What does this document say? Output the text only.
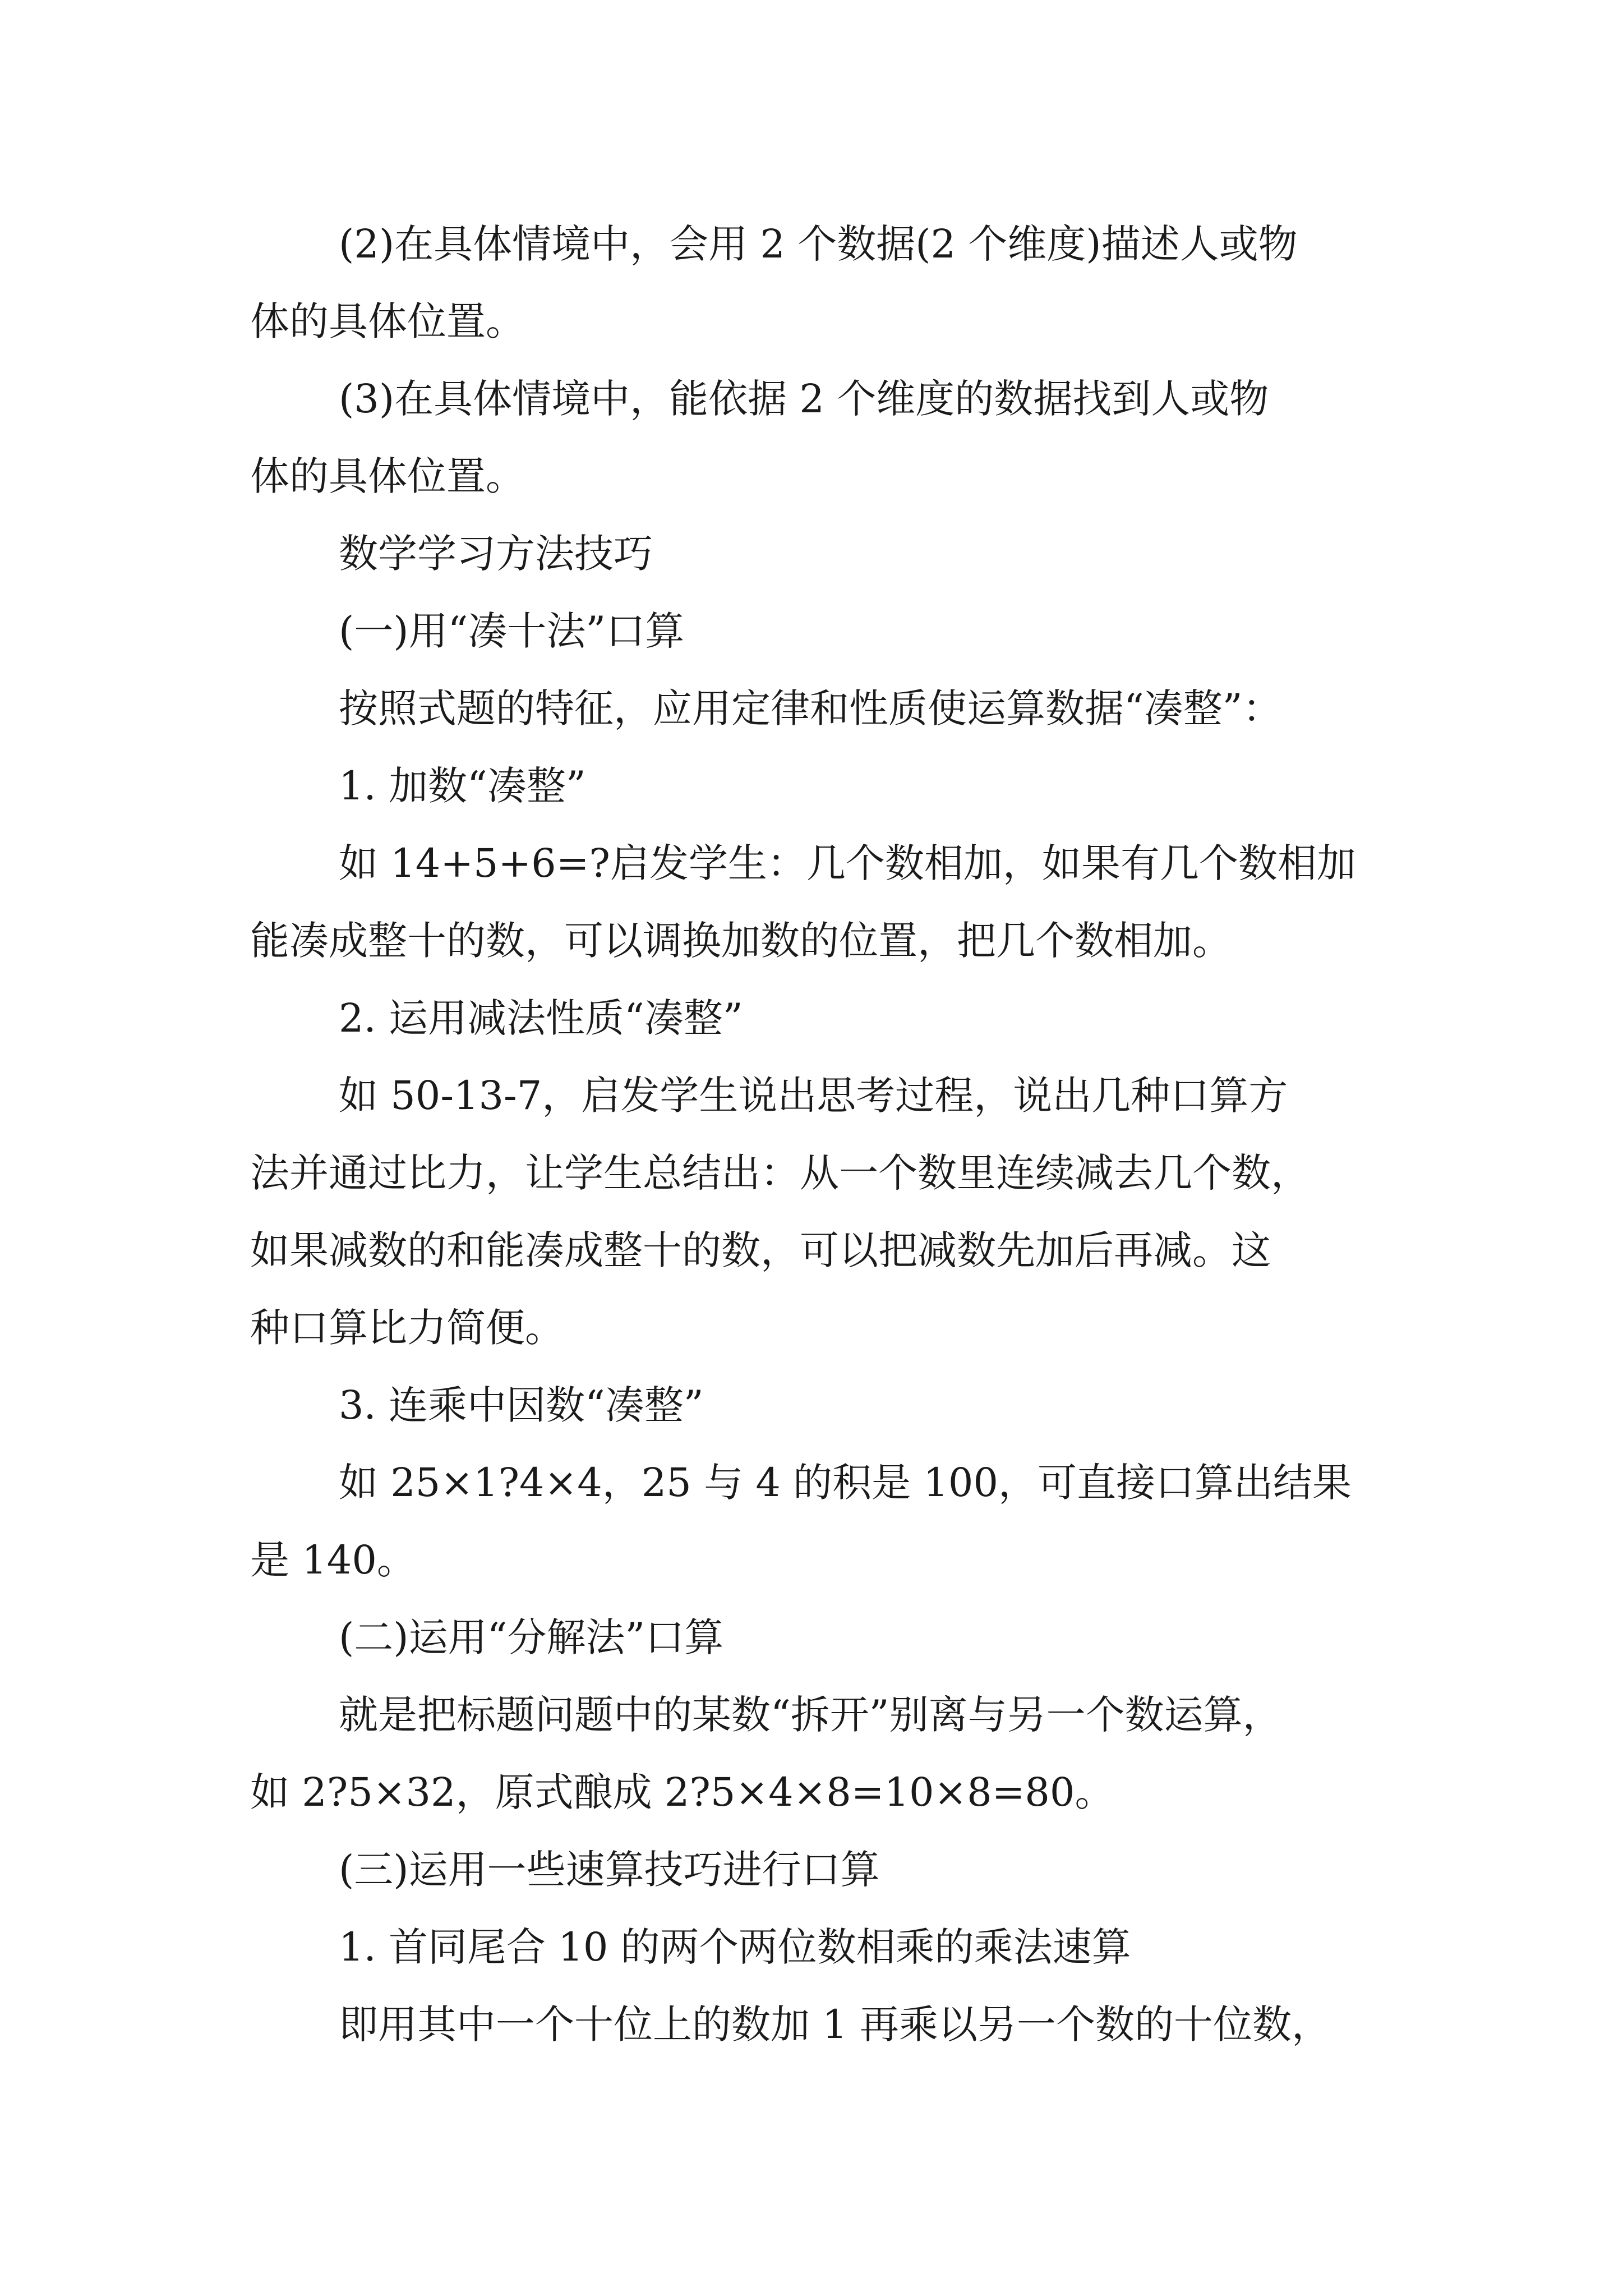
(2)在具体情境中，会用 2 个数据(2 个维度)描述人或物
体的具体位置。
(3)在具体情境中，能依据 2 个维度的数据找到人或物
体的具体位置。
数学学习方法技巧
(一)用“凑十法”口算
按照式题的特征，应用定律和性质使运算数据“凑整”：
1. 加数“凑整”
如 14+5+6=?启发学生：几个数相加，如果有几个数相加
能凑成整十的数，可以调换加数的位置，把几个数相加。
2. 运用减法性质“凑整”
如 50-13-7，启发学生说出思考过程，说出几种口算方
法并通过比力，让学生总结出：从一个数里连续减去几个数，
如果减数的和能凑成整十的数，可以把减数先加后再减。这
种口算比力简便。
3. 连乘中因数“凑整”
如 25×1?4×4，25 与 4 的积是 100，可直接口算出结果
是 140。
(二)运用“分解法”口算
就是把标题问题中的某数“拆开”别离与另一个数运算，
如 2?5×32，原式酿成 2?5×4×8=10×8=80。
(三)运用一些速算技巧进行口算
1. 首同尾合 10 的两个两位数相乘的乘法速算
即用其中一个十位上的数加 1 再乘以另一个数的十位数，
